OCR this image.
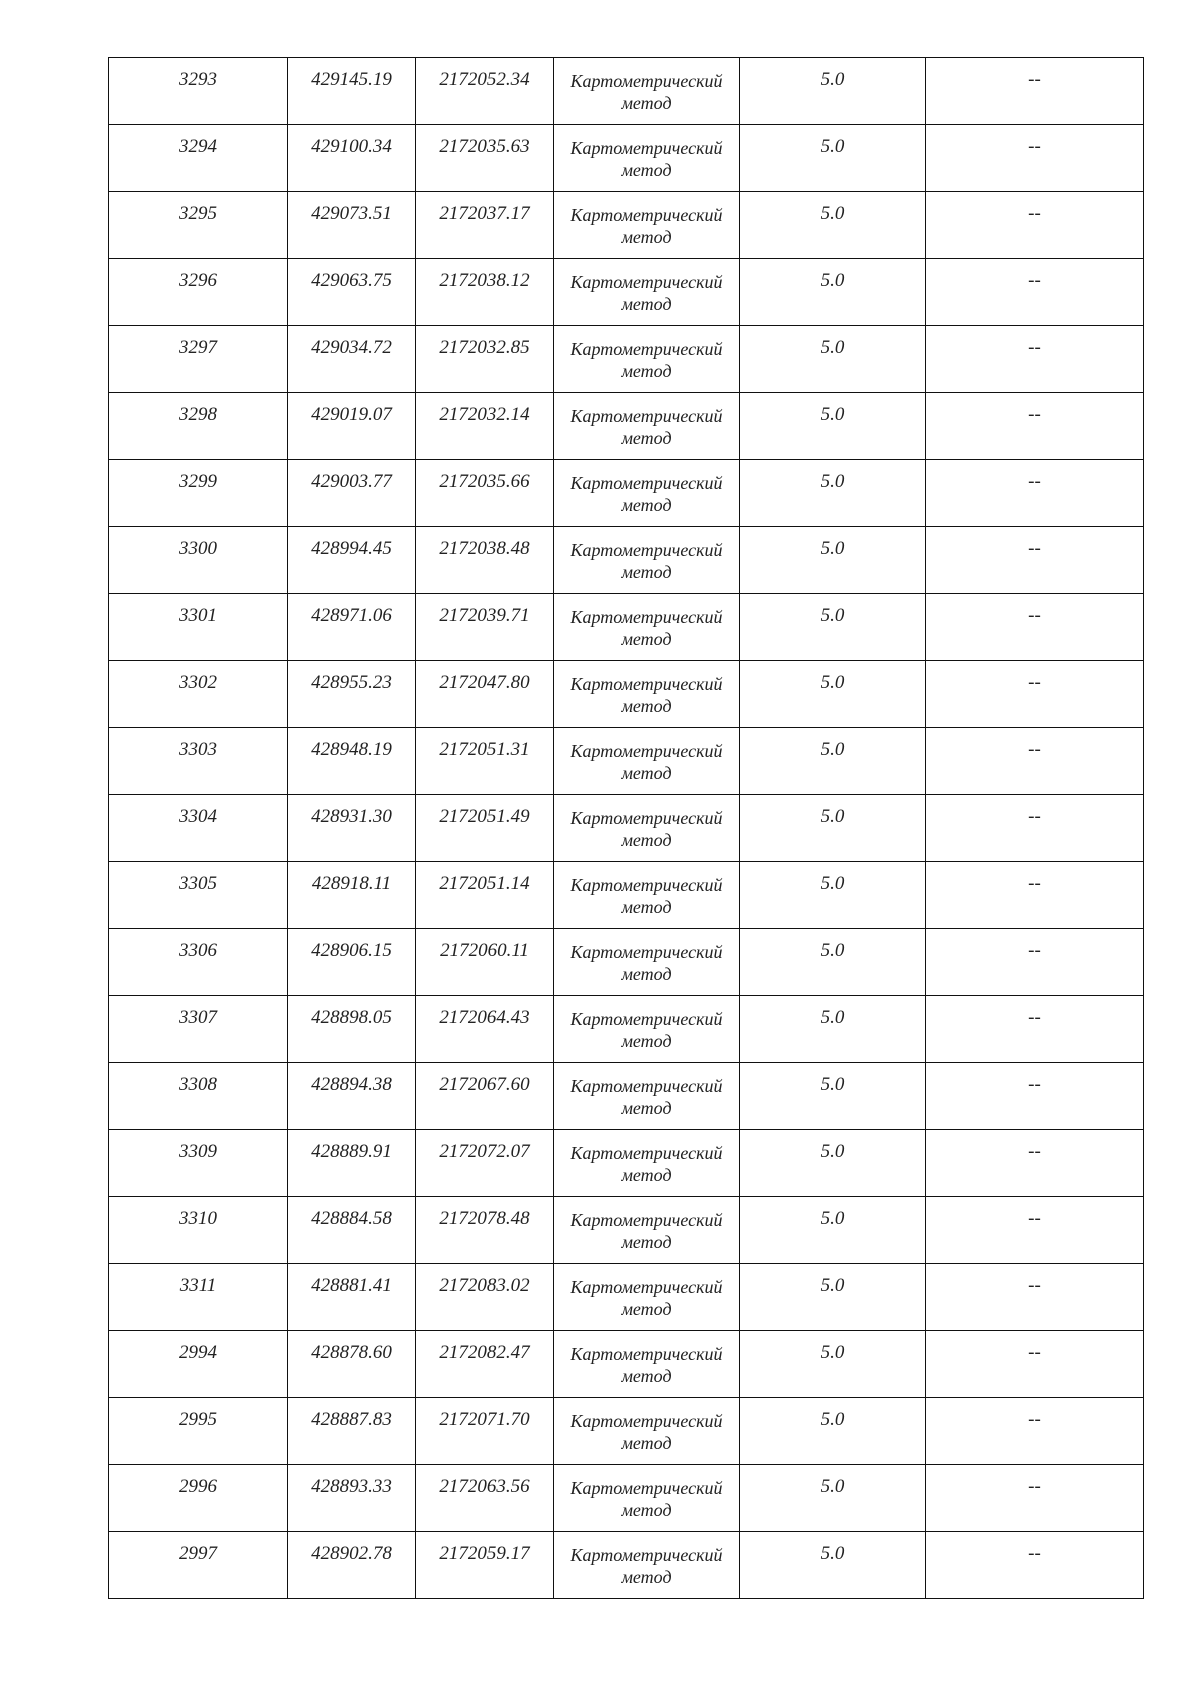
3293	429145.19	2172052.34	Картометрический метод	5.0	--

3294	429100.34	2172035.63	Картометрический метод	5.0	--

3295	429073.51	2172037.17	Картометрический метод	5.0	--

3296	429063.75	2172038.12	Картометрический метод	5.0	--

3297	429034.72	2172032.85	Картометрический метод	5.0	--

3298	429019.07	2172032.14	Картометрический метод	5.0	--

3299	429003.77	2172035.66	Картометрический метод	5.0	--

3300	428994.45	2172038.48	Картометрический метод	5.0	--

3301	428971.06	2172039.71	Картометрический метод	5.0	--

3302	428955.23	2172047.80	Картометрический метод	5.0	--

3303	428948.19	2172051.31	Картометрический метод	5.0	--

3304	428931.30	2172051.49	Картометрический метод	5.0	--

3305	428918.11	2172051.14	Картометрический метод	5.0	--

3306	428906.15	2172060.11	Картометрический метод	5.0	--

3307	428898.05	2172064.43	Картометрический метод	5.0	--

3308	428894.38	2172067.60	Картометрический метод	5.0	--

3309	428889.91	2172072.07	Картометрический метод	5.0	--

3310	428884.58	2172078.48	Картометрический метод	5.0	--

3311	428881.41	2172083.02	Картометрический метод	5.0	--

2994	428878.60	2172082.47	Картометрический метод	5.0	--

2995	428887.83	2172071.70	Картометрический метод	5.0	--

2996	428893.33	2172063.56	Картометрический метод	5.0	--

2997	428902.78	2172059.17	Картометрический метод	5.0	--
